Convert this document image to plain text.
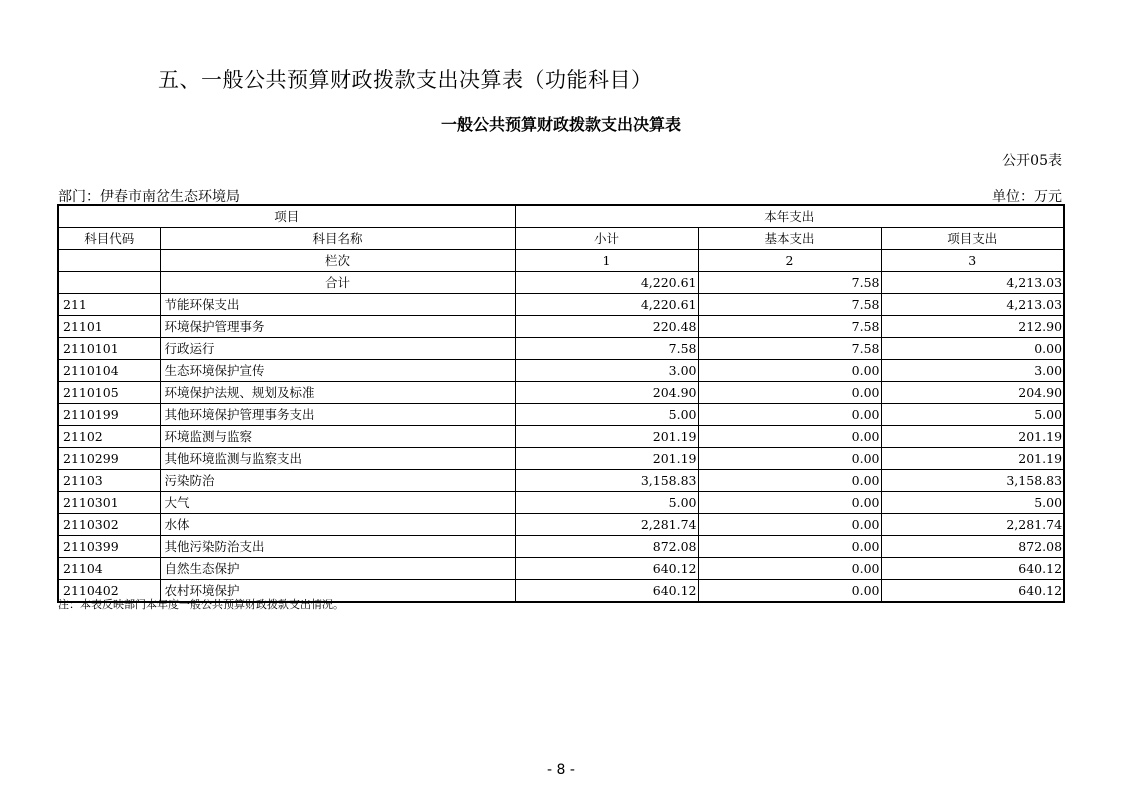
五、一般公共预算财政拨款支出决算表（功能科目）
一般公共预算财政拨款支出决算表
公开05表
部门：伊春市南岔生态环境局	单位：万元
项目		本年支出		
科目代码	科目名称	小计	基本支出	项目支出
	栏次	1	2	3
	合计	4,220.61	7.58	4,213.03
211	节能环保支出	4,220.61	7.58	4,213.03
21101	环境保护管理事务	220.48	7.58	212.90
2110101	行政运行	7.58	7.58	0.00
2110104	生态环境保护宣传	3.00	0.00	3.00
2110105	环境保护法规、规划及标准	204.90	0.00	204.90
2110199	其他环境保护管理事务支出	5.00	0.00	5.00
21102	环境监测与监察	201.19	0.00	201.19
2110299	其他环境监测与监察支出	201.19	0.00	201.19
21103	污染防治	3,158.83	0.00	3,158.83
2110301	大气	5.00	0.00	5.00
2110302	水体	2,281.74	0.00	2,281.74
2110399	其他污染防治支出	872.08	0.00	872.08
21104	自然生态保护	640.12	0.00	640.12
2110402	农村环境保护	640.12	0.00	640.12
注：本表反映部门本年度一般公共预算财政拨款支出情况。
- 8 -
